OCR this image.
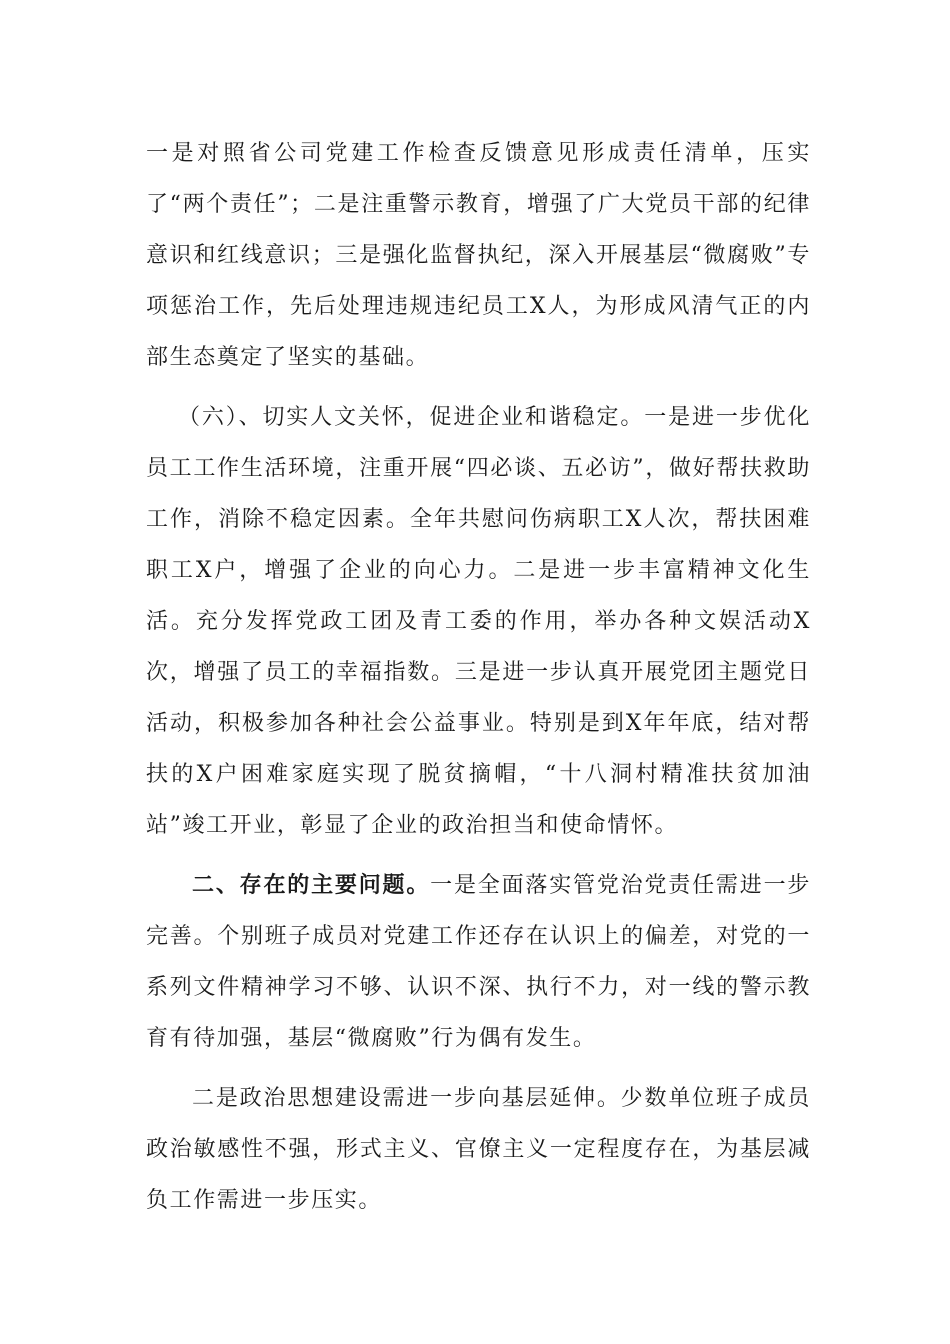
一是对照省公司党建工作检查反馈意见形成责任清单，压实了“两个责任”；二是注重警示教育，增强了广大党员干部的纪律意识和红线意识；三是强化监督执纪，深入开展基层“微腐败”专项惩治工作，先后处理违规违纪员工X人，为形成风清气正的内部生态奠定了坚实的基础。

（六）、切实人文关怀，促进企业和谐稳定。一是进一步优化员工工作生活环境，注重开展“四必谈、五必访”，做好帮扶救助工作，消除不稳定因素。全年共慰问伤病职工X人次，帮扶困难职工X户，增强了企业的向心力。二是进一步丰富精神文化生活。充分发挥党政工团及青工委的作用，举办各种文娱活动X次，增强了员工的幸福指数。三是进一步认真开展党团主题党日活动，积极参加各种社会公益事业。特别是到X年年底，结对帮扶的X户困难家庭实现了脱贫摘帽，“十八洞村精准扶贫加油站”竣工开业，彰显了企业的政治担当和使命情怀。

二、存在的主要问题。一是全面落实管党治党责任需进一步完善。个别班子成员对党建工作还存在认识上的偏差，对党的一系列文件精神学习不够、认识不深、执行不力，对一线的警示教育有待加强，基层“微腐败”行为偶有发生。

二是政治思想建设需进一步向基层延伸。少数单位班子成员政治敏感性不强，形式主义、官僚主义一定程度存在，为基层减负工作需进一步压实。
